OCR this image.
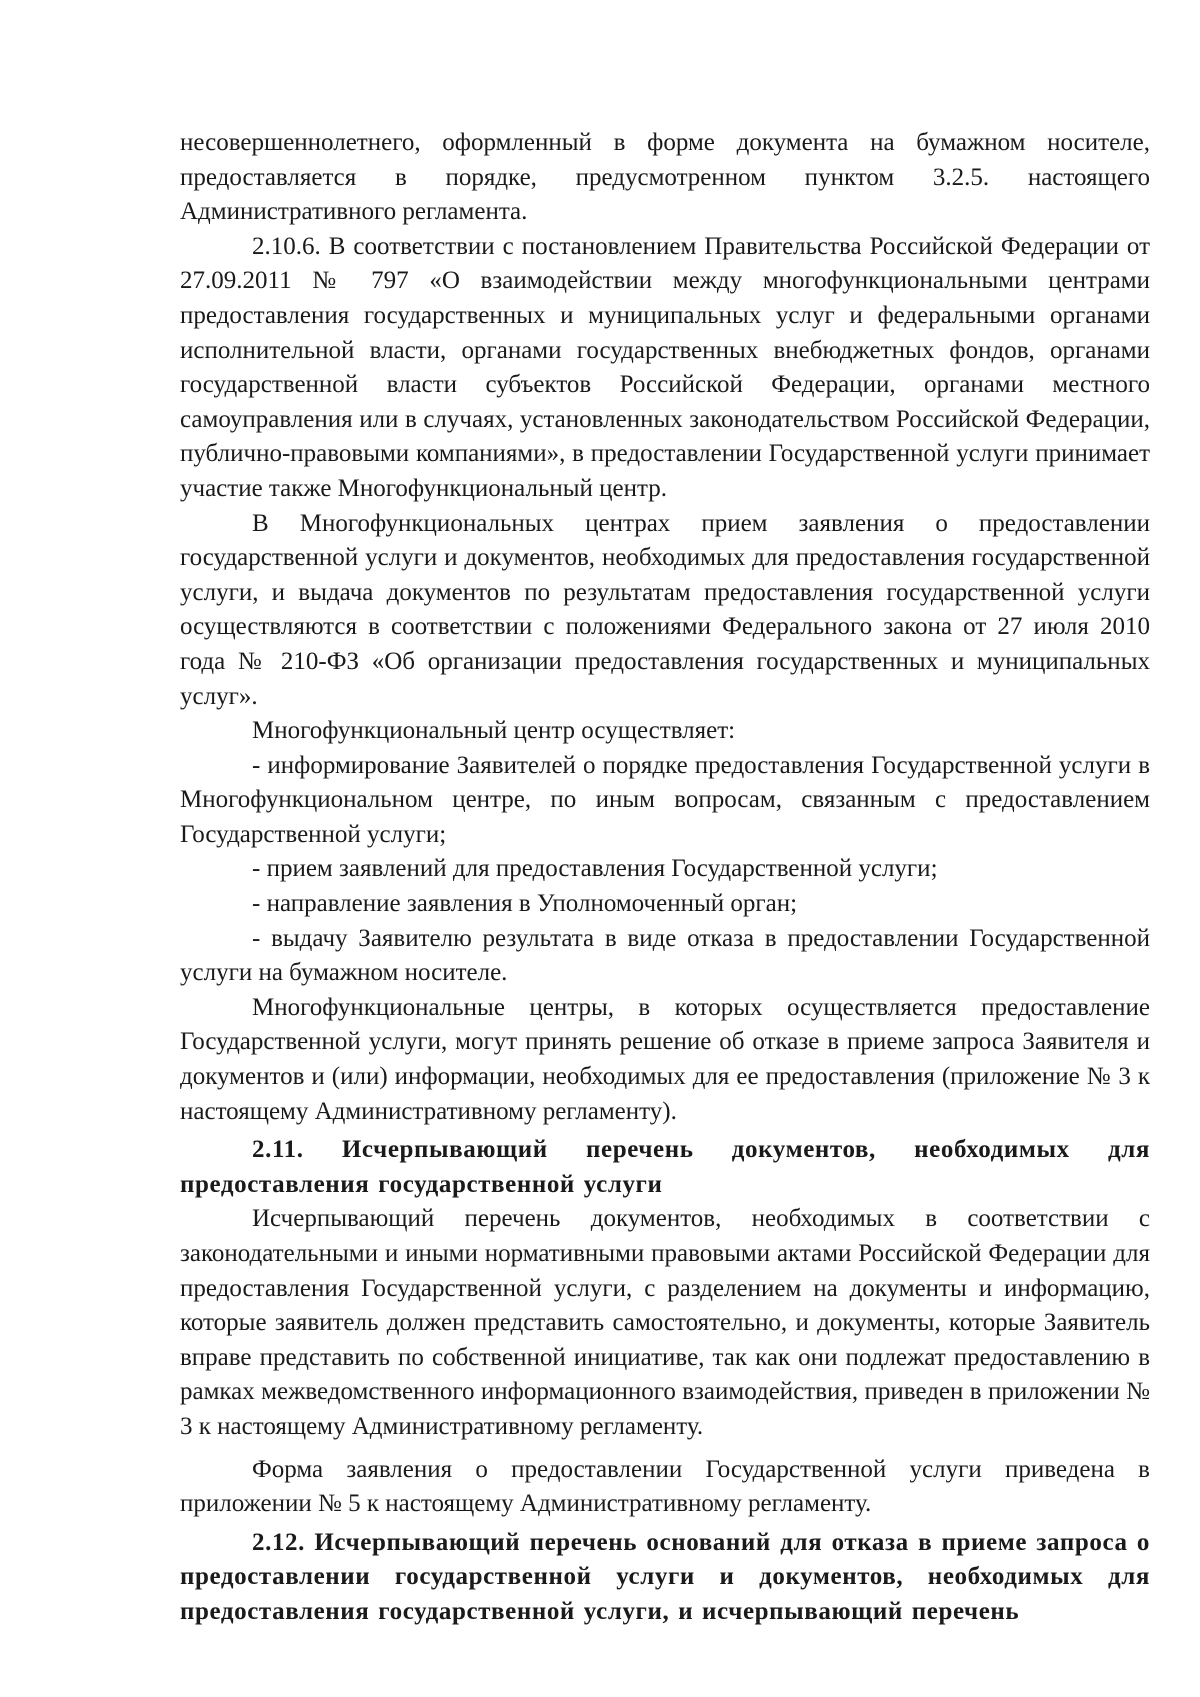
несовершеннолетнего, оформленный в форме документа на бумажном носителе, предоставляется в порядке, предусмотренном пунктом 3.2.5. настоящего Административного регламента.

2.10.6. В соответствии с постановлением Правительства Российской Федерации от 27.09.2011 № 797 «О взаимодействии между многофункциональными центрами предоставления государственных и муниципальных услуг и федеральными органами исполнительной власти, органами государственных внебюджетных фондов, органами государственной власти субъектов Российской Федерации, органами местного самоуправления или в случаях, установленных законодательством Российской Федерации, публично-правовыми компаниями», в предоставлении Государственной услуги принимает участие также Многофункциональный центр.

В Многофункциональных центрах прием заявления о предоставлении государственной услуги и документов, необходимых для предоставления государственной услуги, и выдача документов по результатам предоставления государственной услуги осуществляются в соответствии с положениями Федерального закона от 27 июля 2010 года № 210-ФЗ «Об организации предоставления государственных и муниципальных услуг».

Многофункциональный центр осуществляет:

- информирование Заявителей о порядке предоставления Государственной услуги в Многофункциональном центре, по иным вопросам, связанным с предоставлением Государственной услуги;

- прием заявлений для предоставления Государственной услуги;

- направление заявления в Уполномоченный орган;

- выдачу Заявителю результата в виде отказа в предоставлении Государственной услуги на бумажном носителе.

Многофункциональные центры, в которых осуществляется предоставление Государственной услуги, могут принять решение об отказе в приеме запроса Заявителя и документов и (или) информации, необходимых для ее предоставления (приложение № 3 к настоящему Административному регламенту).

2.11. Исчерпывающий перечень документов, необходимых для предоставления государственной услуги

Исчерпывающий перечень документов, необходимых в соответствии с законодательными и иными нормативными правовыми актами Российской Федерации для предоставления Государственной услуги, с разделением на документы и информацию, которые заявитель должен представить самостоятельно, и документы, которые Заявитель вправе представить по собственной инициативе, так как они подлежат предоставлению в рамках межведомственного информационного взаимодействия, приведен в приложении № 3 к настоящему Административному регламенту.

Форма заявления о предоставлении Государственной услуги приведена в приложении № 5 к настоящему Административному регламенту.

2.12. Исчерпывающий перечень оснований для отказа в приеме запроса о предоставлении государственной услуги и документов, необходимых для предоставления государственной услуги, и исчерпывающий перечень
